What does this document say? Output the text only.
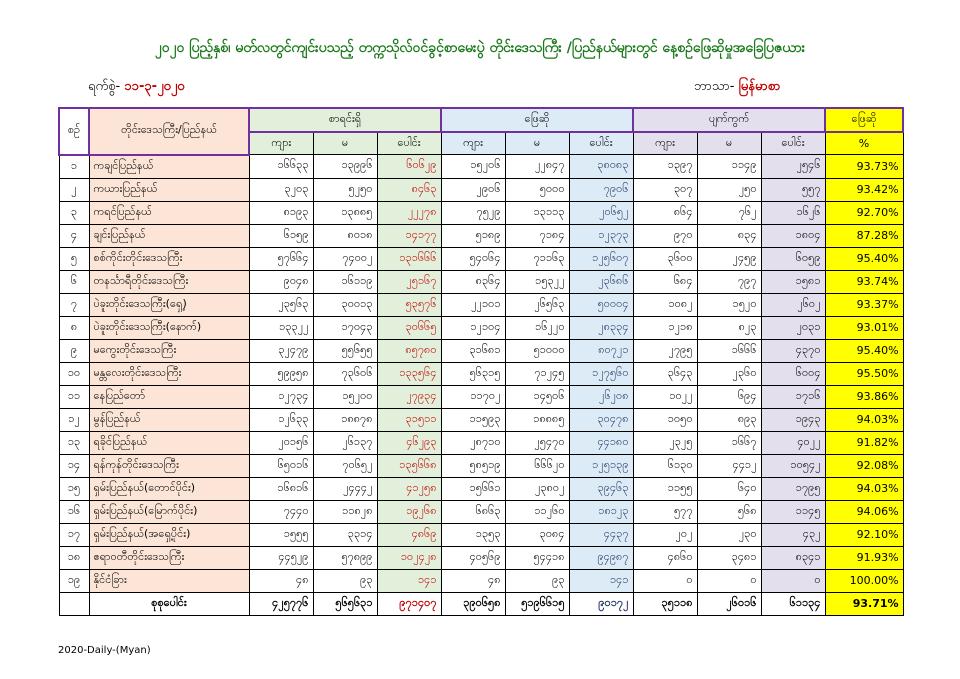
၂၀၂၀ ပြည့်နှစ်၊ မတ်လတွင်ကျင်းပသည့် တက္ကသိုလ်ဝင်ခွင့်စာမေးပွဲ တိုင်းဒေသကြီး /ပြည်နယ်များတွင် နေ့စဉ်ဖြေဆိုမှုအခြေပြဇယား
ရက်စွဲ- ၁၁-၃-၂၀၂၀	ဘာသာ- မြန်မာစာ
စဉ်	တိုင်းဒေသကြီး/ပြည်နယ်	စာရင်းရှိ			ဖြေဆို			ပျက်ကွက်			ဖြေဆို
		ကျား	မ	ပေါင်း	ကျား	မ	ပေါင်း	ကျား	မ	ပေါင်း	%
၁	ကချင်ပြည်နယ်	၁၆၆၃၃	၁၃၉၉၆	၆၀၆၂၉	၁၅၂၀၆	၂၂၈၄၇	၃၈၀၈၃	၁၃၉၇	၁၁၄၉	၂၅၄၆	93.73%
၂	ကယားပြည်နယ်	၃၂၀၃	၅၂၅၀	၈၄၆၃	၂၉၀၆	၅၀၀၀	၇၉၀၆	၃၀၇	၂၅၀	၅၅၇	93.42%
၃	ကရင်ပြည်နယ်	၈၁၉၃	၁၃၈၈၅	၂၂၂၇၈	၇၅၂၉	၁၃၁၁၃	၂၀၆၅၂	၈၆၄	၇၆၂	၁၆၂၆	92.70%
၄	ချင်းပြည်နယ်	၆၁၅၉	၈၀၁၈	၁၄၁၇၇	၅၁၈၉	၇၁၈၄	၁၂၃၇၃	၉၇၀	၈၃၄	၁၈၀၄	87.28%
၅	စစ်ကိုင်းတိုင်းဒေသကြီး	၅၇၆၆၄	၇၄၀၀၂	၁၃၁၆၆၆	၅၄၀၆၄	၇၁၁၆၃	၁၂၅၆၀၇	၃၆၀၀	၂၄၅၉	၆၀၅၉	95.40%
၆	တနင်္သာရီတိုင်းဒေသကြီး	၉၀၄၈	၁၆၁၁၉	၂၅၁၆၇	၈၃၆၄	၁၅၃၂၂	၂၃၆၈၆	၆၈၄	၇၉၇	၁၅၈၁	93.74%
၇	ပဲခူးတိုင်းဒေသကြီး(ရှေ့)	၂၃၅၆၃	၃၀၀၁၃	၅၃၅၇၆	၂၂၁၀၁	၂၆၅၆၃	၅၀၀၀၄	၁၀၈၂	၁၅၂၀	၂၆၀၂	93.37%
၈	ပဲခူးတိုင်းဒေသကြီး(နောက်)	၁၃၃၂၂	၁၇၀၄၃	၃၀၆၆၅	၁၂၁၀၄	၁၆၂၂၀	၂၈၃၃၄	၁၂၁၈	၈၂၃	၂၀၃၁	93.01%
၉	မကွေးတိုင်းဒေသကြီး	၃၂၄၇၉	၅၅၆၅၅	၈၅၇၈၀	၃၁၆၈၁	၅၁၀၀၀	၈၀၇၂၁	၂၇၉၅	၁၆၆၆	၄၃၇၀	95.40%
၁၀	မန္တလေးတိုင်းဒေသကြီး	၅၉၉၅၈	၇၃၆၀၆	၁၃၃၅၆၄	၅၆၃၁၅	၇၁၂၄၅	၁၂၇၅၆၀	၃၆၄၃	၂၃၆၀	၆၀၀၄	95.50%
၁၁	နေပြည်တော်	၁၂၇၃၄	၁၅၂၀၀	၂၇၉၃၄	၁၁၇၀၂	၁၄၅၀၆	၂၆၂၀၈	၁၀၂၂	၆၉၄	၁၇၁၆	93.86%
၁၂	မွန်ပြည်နယ်	၁၂၆၃၃	၁၈၈၇၈	၃၁၅၁၁	၁၁၅၉၃	၁၈၈၈၅	၃၀၄၇၈	၁၀၅၀	၈၉၃	၁၉၄၃	94.03%
၁၃	ရခိုင်ပြည်နယ်	၂၀၁၅၆	၂၆၁၃၇	၄၆၂၉၃	၂၈၇၁၀	၂၅၄၇၀	၄၄၁၈၀	၂၃၂၅	၁၆၆၇	၄၀၂၂	91.82%
၁၄	ရန်ကုန်တိုင်းဒေသကြီး	၆၅၀၁၆	၇၀၆၅၂	၁၃၅၆၆၈	၅၈၅၁၉	၆၆၆၂၀	၁၂၅၁၃၉	၆၁၃၀	၄၄၁၂	၁၀၅၄၂	92.08%
၁၅	ရှမ်းပြည်နယ်(တောင်ပိုင်း)	၁၆၈၁၆	၂၄၄၄၂	၄၁၂၅၈	၁၅၆၆၁	၂၃၈၀၂	၃၉၄၆၃	၁၁၅၅	၆၄၀	၁၇၉၅	94.03%
၁၆	ရှမ်းပြည်နယ်(မြောက်ပိုင်း)	၇၄၄၀	၁၁၈၂၈	၁၉၂၆၈	၆၈၆၃	၁၁၂၆၀	၁၈၁၂၃	၅၇၇	၅၆၈	၁၁၄၅	94.06%
၁၇	ရှမ်းပြည်နယ်(အရှေ့ပိုင်း)	၁၅၅၅	၃၃၁၄	၄၈၆၉	၁၃၅၃	၃၀၈၄	၄၄၃၇	၂၀၂	၂၃၀	၄၃၂	92.10%
၁၈	ဧရာဝတီတိုင်းဒေသကြီး	၄၄၅၂၉	၅၇၈၉၉	၁၀၂၄၂၈	၄၀၅၆၉	၅၄၄၁၈	၉၄၉၈၇	၄၈၆၀	၃၄၈၁	၈၃၄၁	91.93%
၁၉	နိုင်ငံခြား	၄၈	၉၃	၁၄၁	၄၈	၉၃	၁၄၁	၀	၀	၀	100.00%
	စုစုပေါင်း	၄၂၅၇၇၆	၅၆၅၆၃၁	၉၇၁၄၀၇	၃၉၀၆၅၈	၅၁၉၆၆၁၅	၉၀၁၇၂	၃၅၁၁၈	၂၆၀၁၆	၆၁၁၃၄	93.71%
2020-Daily-(Myan)
